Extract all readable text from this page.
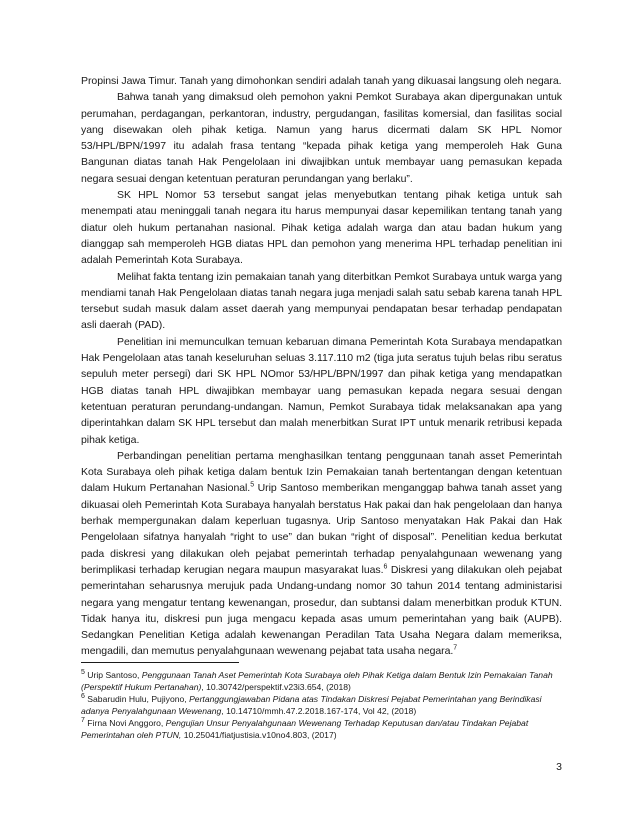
Propinsi Jawa Timur. Tanah yang dimohonkan sendiri adalah tanah yang dikuasai langsung oleh negara.

Bahwa tanah yang dimaksud oleh pemohon yakni Pemkot Surabaya akan dipergunakan untuk perumahan, perdagangan, perkantoran, industry, pergudangan, fasilitas komersial, dan fasilitas social yang disewakan oleh pihak ketiga. Namun yang harus dicermati dalam SK HPL Nomor 53/HPL/BPN/1997 itu adalah frasa tentang “kepada pihak ketiga yang memperoleh Hak Guna Bangunan diatas tanah Hak Pengelolaan ini diwajibkan untuk membayar uang pemasukan kepada negara sesuai dengan ketentuan peraturan perundangan yang berlaku”.

SK HPL Nomor 53 tersebut sangat jelas menyebutkan tentang pihak ketiga untuk sah menempati atau meninggali tanah negara itu harus mempunyai dasar kepemilikan tentang tanah yang diatur oleh hukum pertanahan nasional. Pihak ketiga adalah warga dan atau badan hukum yang dianggap sah memperoleh HGB diatas HPL dan pemohon yang menerima HPL terhadap penelitian ini adalah Pemerintah Kota Surabaya.

Melihat fakta tentang izin pemakaian tanah yang diterbitkan Pemkot Surabaya untuk warga yang mendiami tanah Hak Pengelolaan diatas tanah negara juga menjadi salah satu sebab karena tanah HPL tersebut sudah masuk dalam asset daerah yang mempunyai pendapatan besar terhadap pendapatan asli daerah (PAD).

Penelitian ini memunculkan temuan kebaruan dimana Pemerintah Kota Surabaya mendapatkan Hak Pengelolaan atas tanah keseluruhan seluas 3.117.110 m2 (tiga juta seratus tujuh belas ribu seratus sepuluh meter persegi) dari SK HPL NOmor 53/HPL/BPN/1997 dan pihak ketiga yang mendapatkan HGB diatas tanah HPL diwajibkan membayar uang pemasukan kepada negara sesuai dengan ketentuan peraturan perundang-undangan. Namun, Pemkot Surabaya tidak melaksanakan apa yang diperintahkan dalam SK HPL tersebut dan malah menerbitkan Surat IPT untuk menarik retribusi kepada pihak ketiga.

Perbandingan penelitian pertama menghasilkan tentang penggunaan tanah asset Pemerintah Kota Surabaya oleh pihak ketiga dalam bentuk Izin Pemakaian tanah bertentangan dengan ketentuan dalam Hukum Pertanahan Nasional.$^5$ Urip Santoso memberikan menganggap bahwa tanah asset yang dikuasai oleh Pemerintah Kota Surabaya hanyalah berstatus Hak pakai dan hak pengelolaan dan hanya berhak mempergunakan dalam keperluan tugasnya. Urip Santoso menyatakan Hak Pakai dan Hak Pengelolaan sifatnya hanyalah “right to use” dan bukan “right of disposal”. Penelitian kedua berkutat pada diskresi yang dilakukan oleh pejabat pemerintah terhadap penyalahgunaan wewenang yang berimplikasi terhadap kerugian negara maupun masyarakat luas.$^6$ Diskresi yang dilakukan oleh pejabat pemerintahan seharusnya merujuk pada Undang-undang nomor 30 tahun 2014 tentang administarisi negara yang mengatur tentang kewenangan, prosedur, dan subtansi dalam menerbitkan produk KTUN. Tidak hanya itu, diskresi pun juga mengacu kepada asas umum pemerintahan yang baik (AUPB). Sedangkan Penelitian Ketiga adalah kewenangan Peradilan Tata Usaha Negara dalam memeriksa, mengadili, dan memutus penyalahgunaan wewenang pejabat tata usaha negara.$^7$

$^5$ Urip Santoso, Penggunaan Tanah Aset Pemerintah Kota Surabaya oleh Pihak Ketiga dalam Bentuk Izin Pemakaian Tanah (Perspektif Hukum Pertanahan), 10.30742/perspektif.v23i3.654, (2018)

$^6$ Sabarudin Hulu, Pujiyono, Pertanggungjawaban Pidana atas Tindakan Diskresi Pejabat Pemerintahan yang Berindikasi adanya Penyalahgunaan Wewenang, 10.14710/mmh.47.2.2018.167-174, Vol 42, (2018)

$^7$ Firna Novi Anggoro, Pengujian Unsur Penyalahgunaan Wewenang Terhadap Keputusan dan/atau Tindakan Pejabat Pemerintahan oleh PTUN, 10.25041/fiatjustisia.v10no4.803, (2017)

3
